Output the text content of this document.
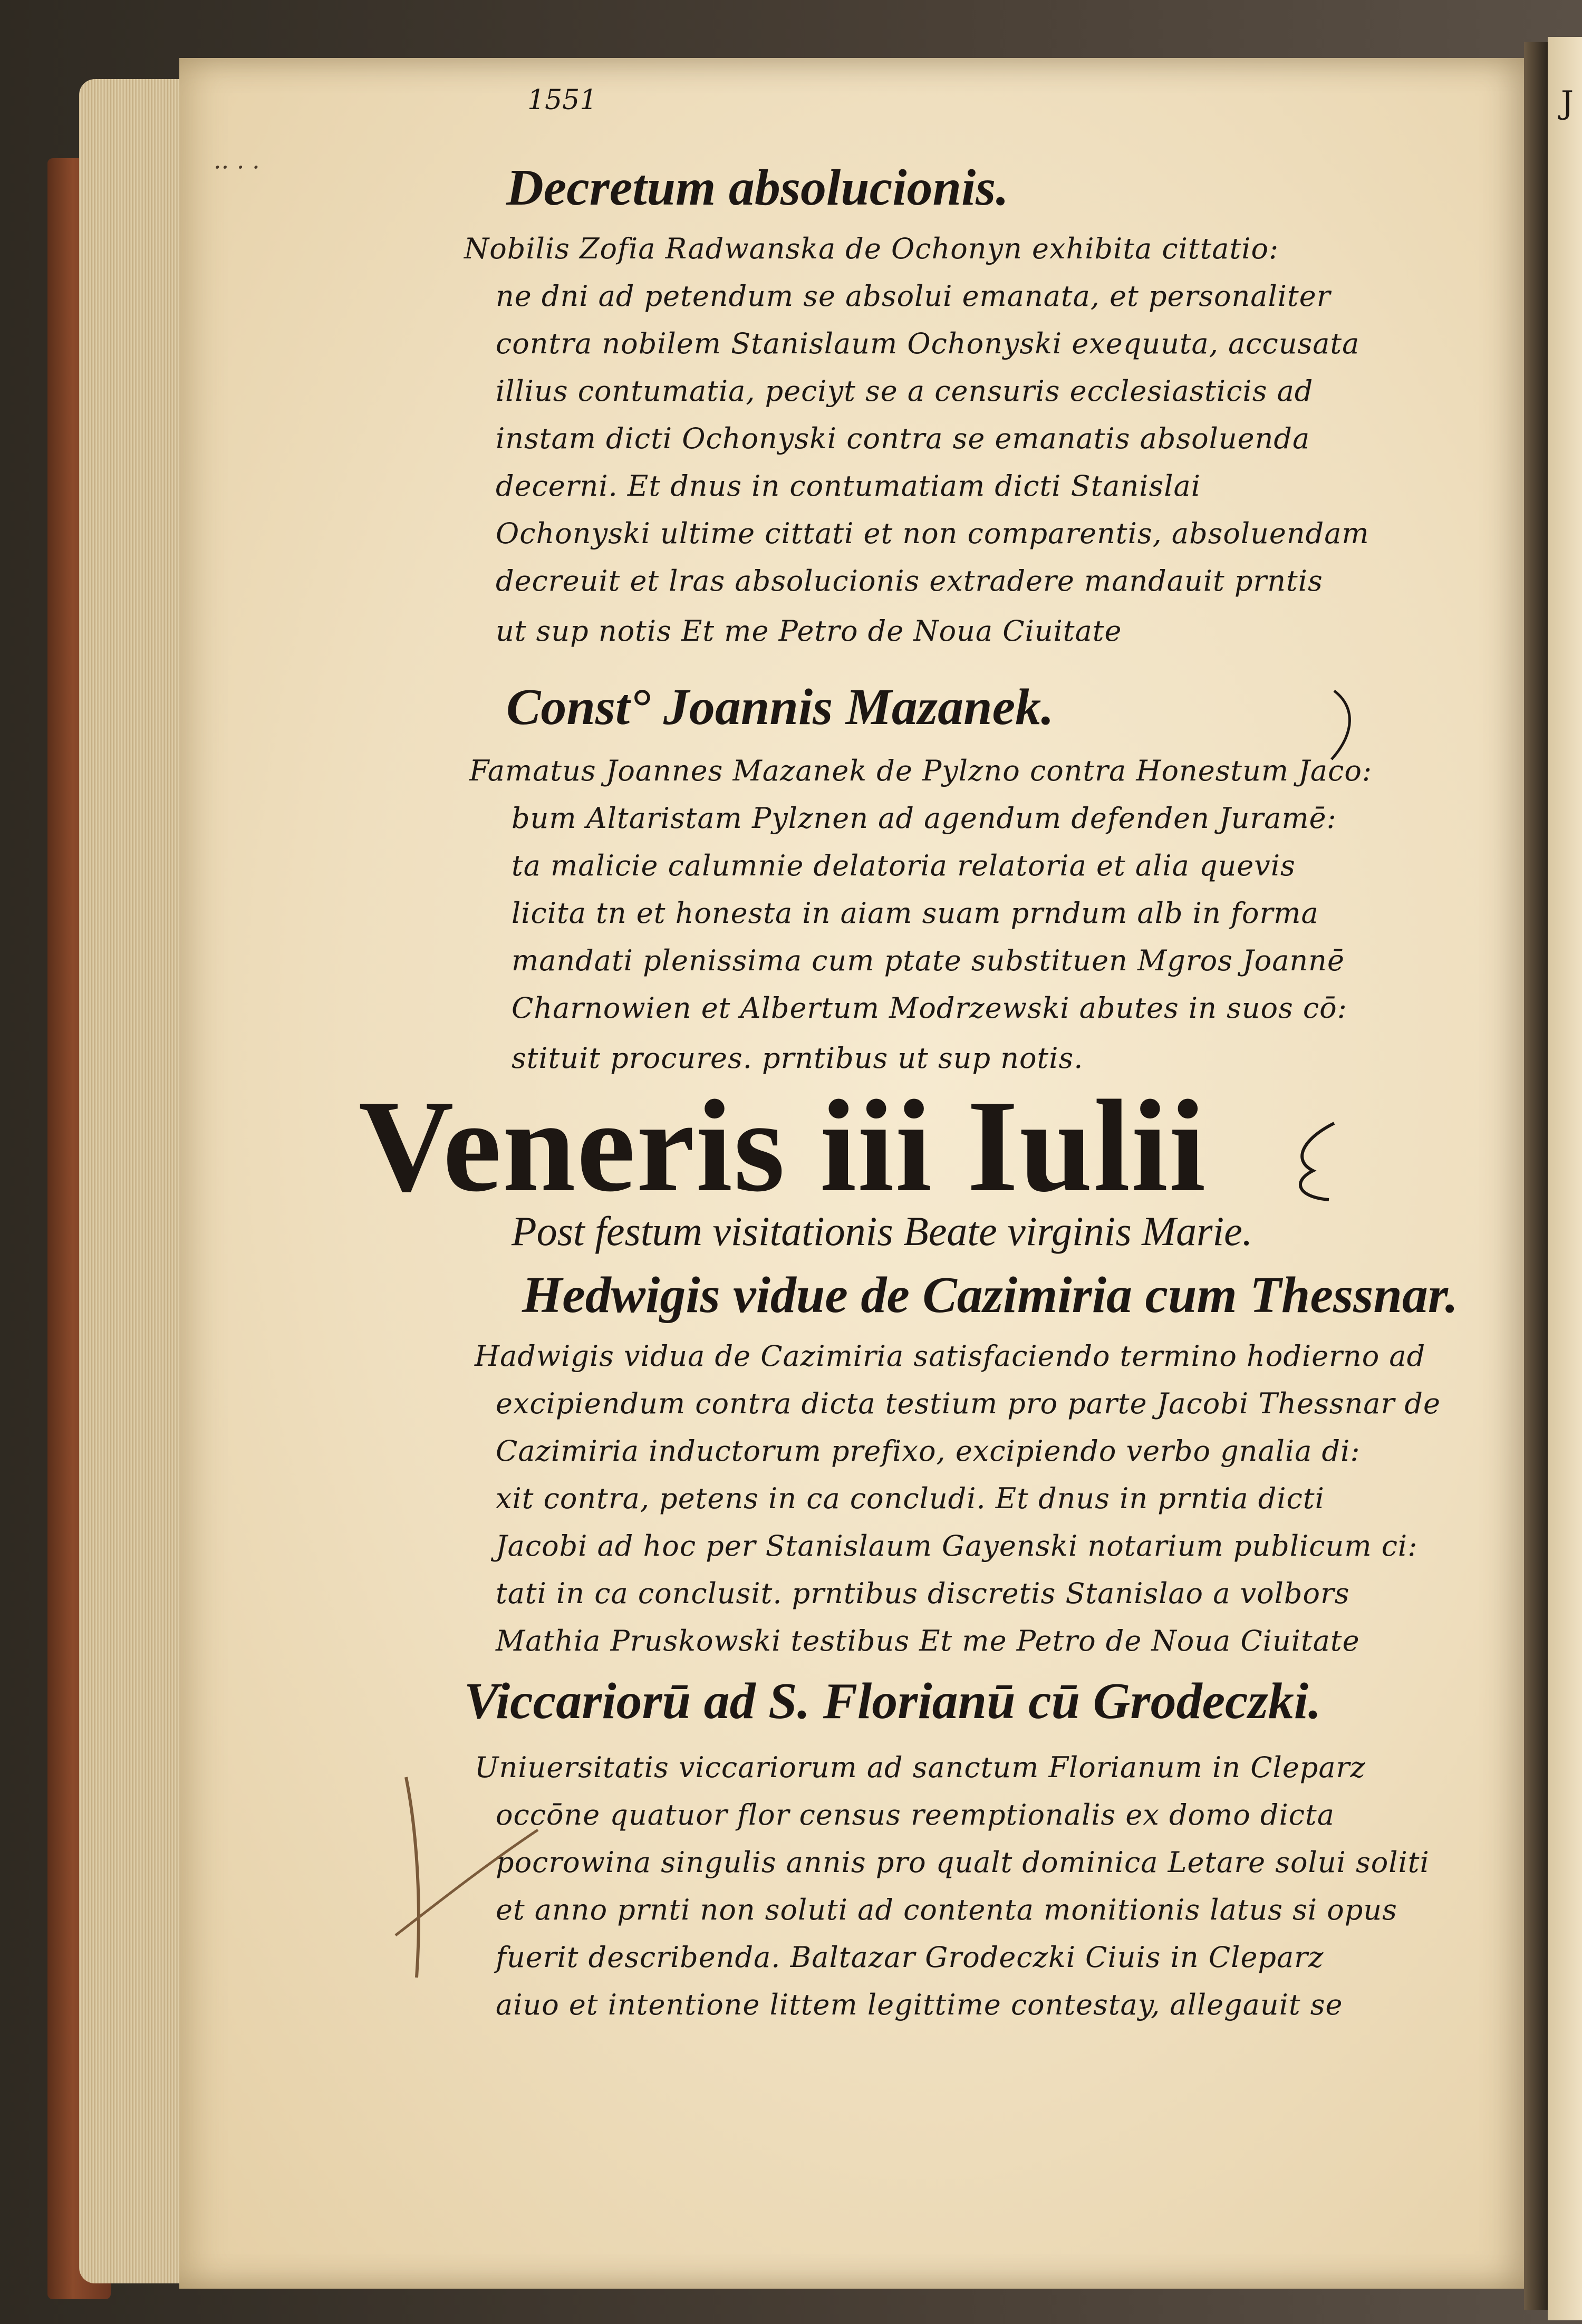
J
1551
·· · ·	Decretum absolucionis.
Nobilis Zofia Radwanska de Ochonyn exhibita cittatio:
ne dni ad petendum se absolui emanata, et personaliter
contra nobilem Stanislaum Ochonyski exequuta, accusata
illius contumatia, peciyt se a censuris ecclesiasticis ad
instam dicti Ochonyski contra se emanatis absoluenda
decerni. Et dnus in contumatiam dicti Stanislai
Ochonyski ultime cittati et non comparentis, absoluendam
decreuit et lras absolucionis extradere mandauit prntis
ut sup notis Et me Petro de Noua Ciuitate
Const° Joannis Mazanek.
Famatus Joannes Mazanek de Pylzno contra Honestum Jaco:
bum Altaristam Pylznen ad agendum defenden Juramē:
ta malicie calumnie delatoria relatoria et alia quevis
licita tn et honesta in aiam suam prndum alb in forma
mandati plenissima cum ptate substituen Mgros Joannē
Charnowien et Albertum Modrzewski abutes in suos cō:
stituit procures. prntibus ut sup notis.
Veneris iii Iulii
Post festum visitationis Beate virginis Marie.
Hedwigis vidue de Cazimiria cum Thessnar.
Hadwigis vidua de Cazimiria satisfaciendo termino hodierno ad
excipiendum contra dicta testium pro parte Jacobi Thessnar de
Cazimiria inductorum prefixo, excipiendo verbo gnalia di:
xit contra, petens in ca concludi. Et dnus in prntia dicti
Jacobi ad hoc per Stanislaum Gayenski notarium publicum ci:
tati in ca conclusit. prntibus discretis Stanislao a volbors
Mathia Pruskowski testibus Et me Petro de Noua Ciuitate
Viccariorū ad S. Florianū cū Grodeczki.
Uniuersitatis viccariorum ad sanctum Florianum in Cleparz
occōne quatuor flor census reemptionalis ex domo dicta
pocrowina singulis annis pro qualt dominica Letare solui soliti
et anno prnti non soluti ad contenta monitionis latus si opus
fuerit describenda. Baltazar Grodeczki Ciuis in Cleparz
aiuo et intentione littem legittime contestay, allegauit se
